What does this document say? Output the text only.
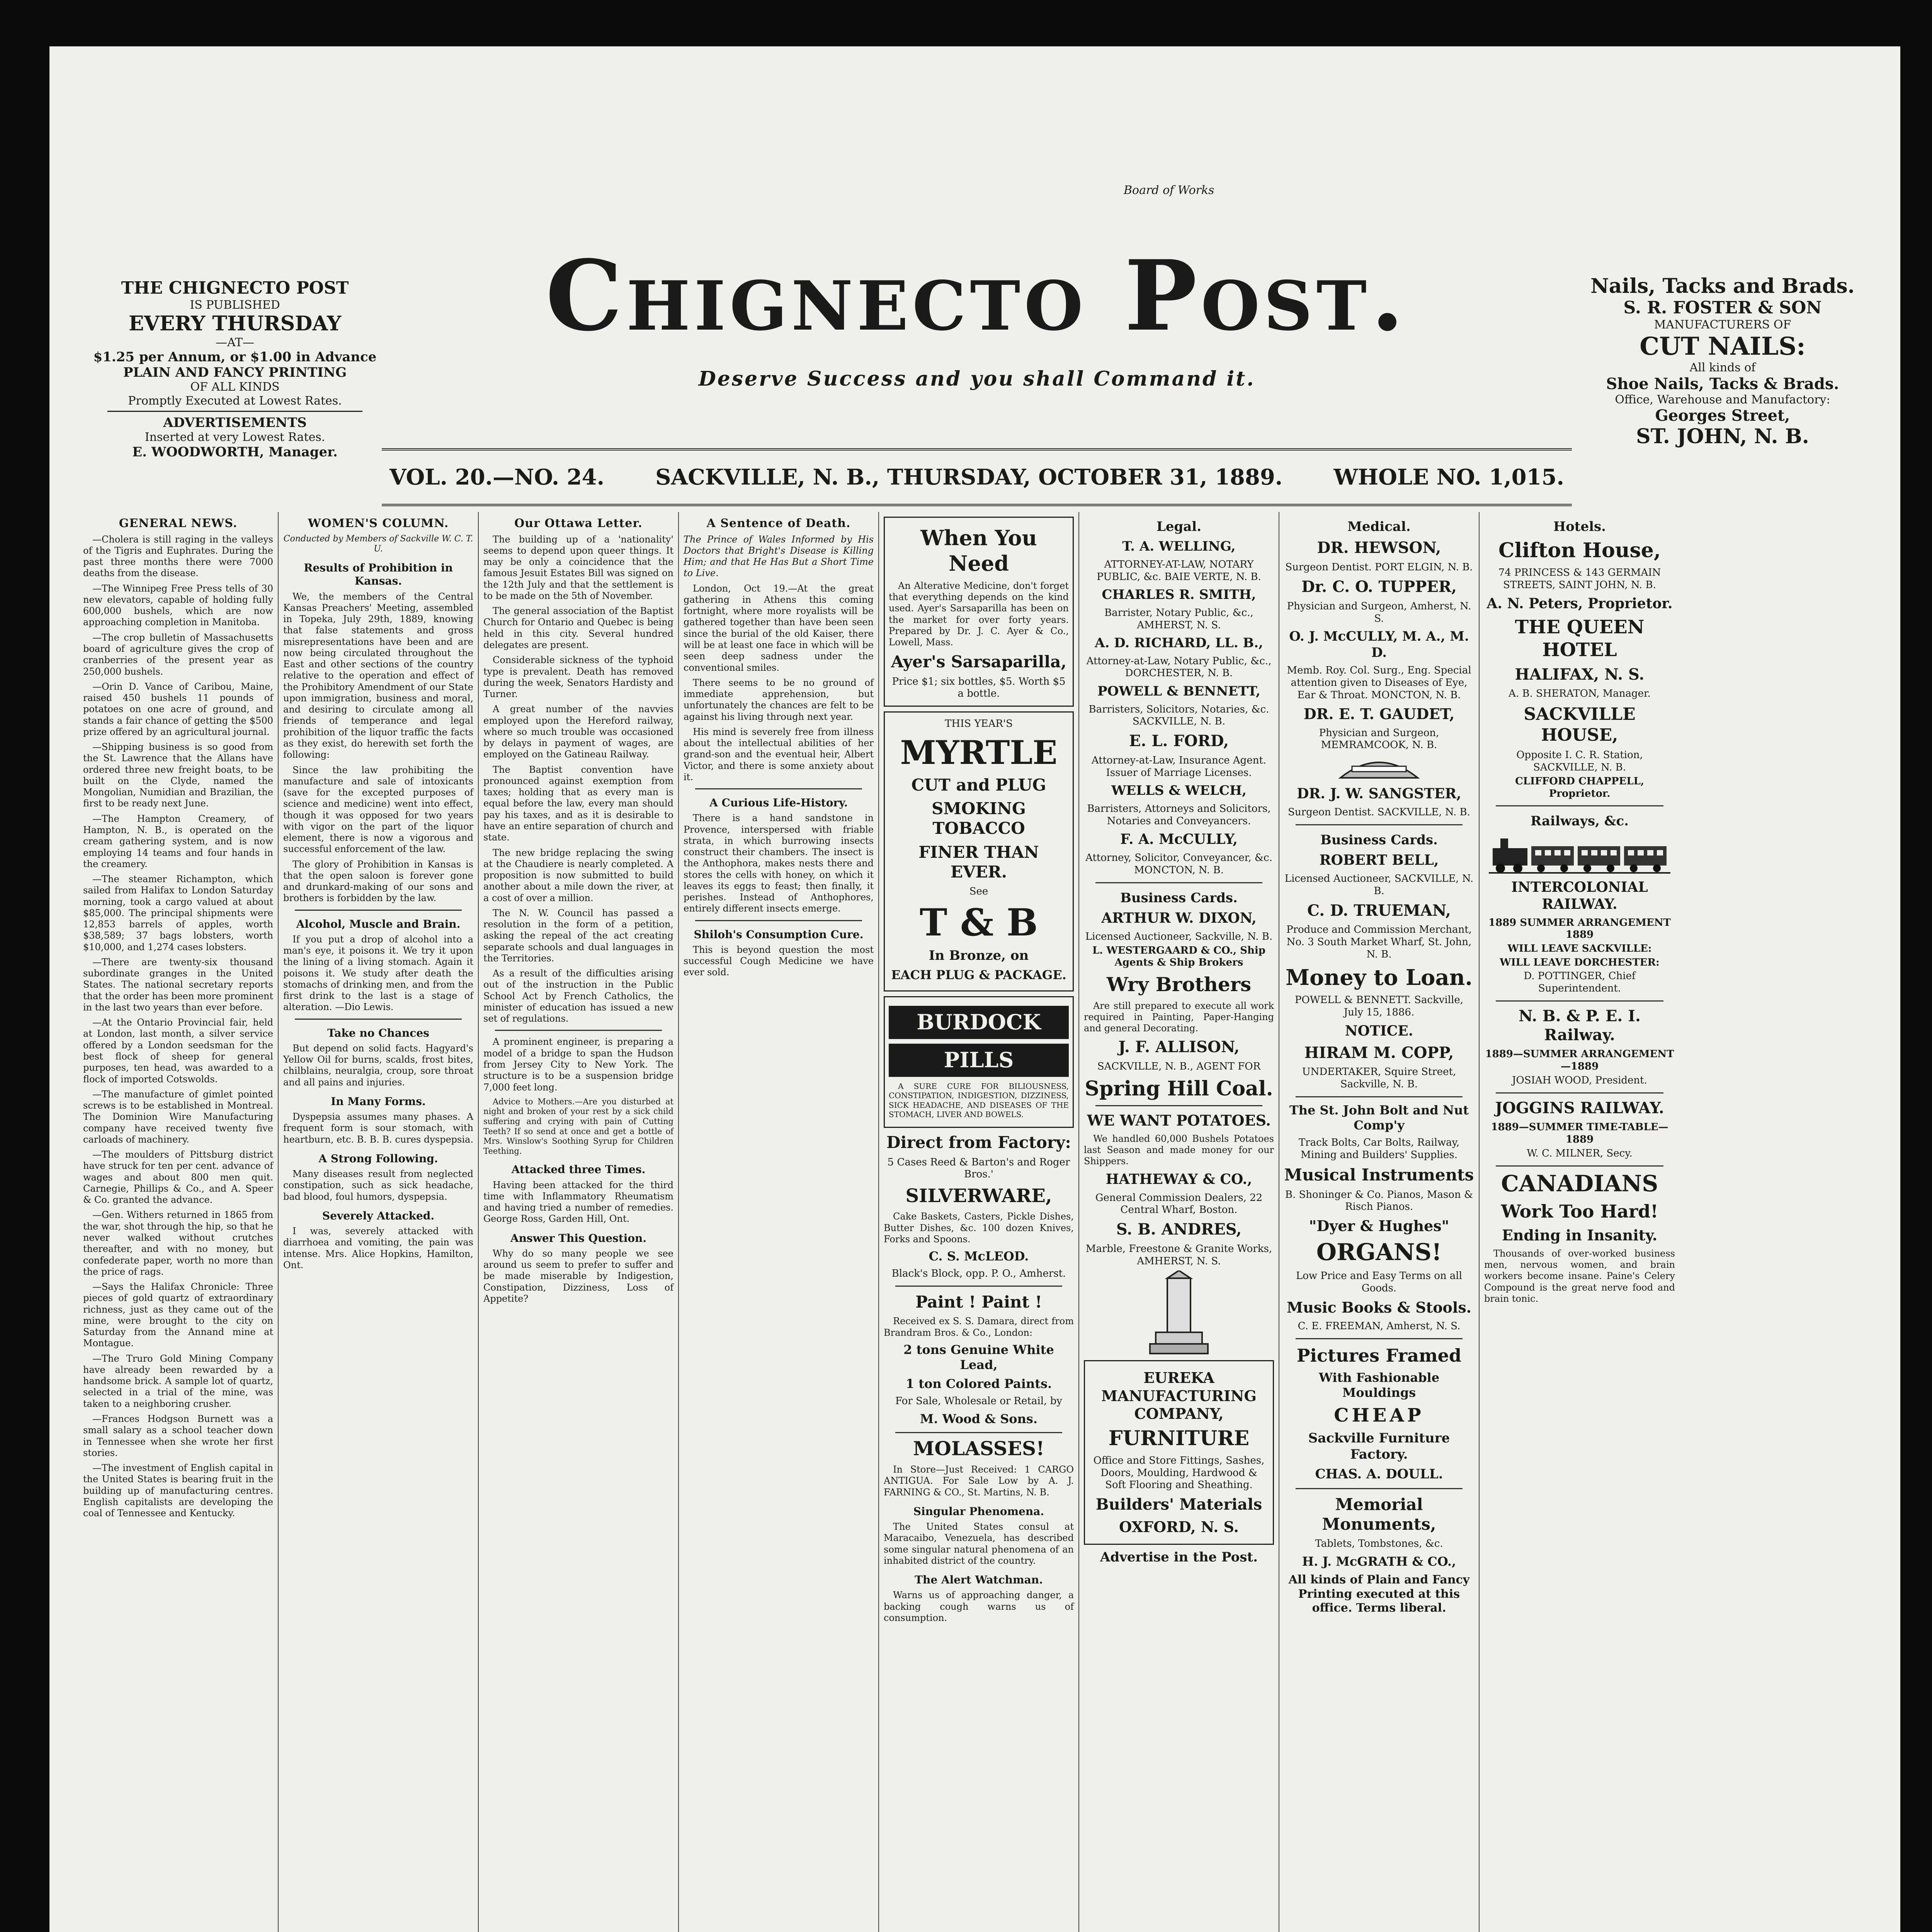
Board of Works
THE CHIGNECTO POST
IS PUBLISHED
EVERY THURSDAY
—AT—
$1.25 per Annum, or $1.00 in Advance
PLAIN AND FANCY PRINTING
OF ALL KINDS
Promptly Executed at Lowest Rates.
ADVERTISEMENTS
Inserted at very Lowest Rates.
E. WOODWORTH, Manager.
Chignecto Post.
Deserve Success and you shall Command it.
Nails, Tacks and Brads.
S. R. FOSTER & SON
MANUFACTURERS OF
CUT NAILS:
All kinds of
Shoe Nails, Tacks & Brads.
Office, Warehouse and Manufactory:
Georges Street,
ST. JOHN, N. B.
VOL. 20.—NO. 24. SACKVILLE, N. B., THURSDAY, OCTOBER 31, 1889. WHOLE NO. 1,015.
GENERAL NEWS.

—Cholera is still raging in the valleys of the Tigris and Euphrates. During the past three months there were 7000 deaths from the disease.

—The Winnipeg Free Press tells of 30 new elevators, capable of holding fully 600,000 bushels, which are now approaching completion in Manitoba.

—The crop bulletin of Massachusetts board of agriculture gives the crop of cranberries of the present year as 250,000 bushels.

—Orin D. Vance of Caribou, Maine, raised 450 bushels 11 pounds of potatoes on one acre of ground, and stands a fair chance of getting the $500 prize offered by an agricultural journal.

—Shipping business is so good from the St. Lawrence that the Allans have ordered three new freight boats, to be built on the Clyde, named the Mongolian, Numidian and Brazilian, the first to be ready next June.

—The Hampton Creamery, of Hampton, N. B., is operated on the cream gathering system, and is now employing 14 teams and four hands in the creamery.

—The steamer Richampton, which sailed from Halifax to London Saturday morning, took a cargo valued at about $85,000. The principal shipments were 12,853 barrels of apples, worth $38,589; 37 bags lobsters, worth $10,000, and 1,274 cases lobsters.

—There are twenty-six thousand subordinate granges in the United States. The national secretary reports that the order has been more prominent in the last two years than ever before.

—At the Ontario Provincial fair, held at London, last month, a silver service offered by a London seedsman for the best flock of sheep for general purposes, ten head, was awarded to a flock of imported Cotswolds.

—The manufacture of gimlet pointed screws is to be established in Montreal. The Dominion Wire Manufacturing company have received twenty five carloads of machinery.

—The moulders of Pittsburg district have struck for ten per cent. advance of wages and about 800 men quit. Carnegie, Phillips & Co., and A. Speer & Co. granted the advance.

—Gen. Withers returned in 1865 from the war, shot through the hip, so that he never walked without crutches thereafter, and with no money, but confederate paper, worth no more than the price of rags.

—Says the Halifax Chronicle: Three pieces of gold quartz of extraordinary richness, just as they came out of the mine, were brought to the city on Saturday from the Annand mine at Montague.

—The Truro Gold Mining Company have already been rewarded by a handsome brick. A sample lot of quartz, selected in a trial of the mine, was taken to a neighboring crusher.

—Frances Hodgson Burnett was a small salary as a school teacher down in Tennessee when she wrote her first stories.

—The investment of English capital in the United States is bearing fruit in the building up of manufacturing centres. English capitalists are developing the coal of Tennessee and Kentucky.

WOMEN'S COLUMN.
Conducted by Members of Sackville W. C. T. U.
Results of Prohibition in Kansas.

We, the members of the Central Kansas Preachers' Meeting, assembled in Topeka, July 29th, 1889, knowing that false statements and gross misrepresentations have been and are now being circulated throughout the East and other sections of the country relative to the operation and effect of the Prohibitory Amendment of our State upon immigration, business and moral, and desiring to circulate among all friends of temperance and legal prohibition of the liquor traffic the facts as they exist, do herewith set forth the following:

Since the law prohibiting the manufacture and sale of intoxicants (save for the excepted purposes of science and medicine) went into effect, though it was opposed for two years with vigor on the part of the liquor element, there is now a vigorous and successful enforcement of the law.

The glory of Prohibition in Kansas is that the open saloon is forever gone and drunkard-making of our sons and brothers is forbidden by the law.

Alcohol, Muscle and Brain.

If you put a drop of alcohol into a man's eye, it poisons it. We try it upon the lining of a living stomach. Again it poisons it. We study after death the stomachs of drinking men, and from the first drink to the last is a stage of alteration. —Dio Lewis.

Take no Chances

But depend on solid facts. Hagyard's Yellow Oil for burns, scalds, frost bites, chilblains, neuralgia, croup, sore throat and all pains and injuries.

In Many Forms.

Dyspepsia assumes many phases. A frequent form is sour stomach, with heartburn, etc. B. B. B. cures dyspepsia.

A Strong Following.

Many diseases result from neglected constipation, such as sick headache, bad blood, foul humors, dyspepsia.

Severely Attacked.

I was, severely attacked with diarrhoea and vomiting, the pain was intense. Mrs. Alice Hopkins, Hamilton, Ont.

Our Ottawa Letter.

The building up of a 'nationality' seems to depend upon queer things. It may be only a coincidence that the famous Jesuit Estates Bill was signed on the 12th July and that the settlement is to be made on the 5th of November.

The general association of the Baptist Church for Ontario and Quebec is being held in this city. Several hundred delegates are present.

Considerable sickness of the typhoid type is prevalent. Death has removed during the week, Senators Hardisty and Turner.

A great number of the navvies employed upon the Hereford railway, where so much trouble was occasioned by delays in payment of wages, are employed on the Gatineau Railway.

The Baptist convention have pronounced against exemption from taxes; holding that as every man is equal before the law, every man should pay his taxes, and as it is desirable to have an entire separation of church and state.

The new bridge replacing the swing at the Chaudiere is nearly completed. A proposition is now submitted to build another about a mile down the river, at a cost of over a million.

The N. W. Council has passed a resolution in the form of a petition, asking the repeal of the act creating separate schools and dual languages in the Territories.

As a result of the difficulties arising out of the instruction in the Public School Act by French Catholics, the minister of education has issued a new set of regulations.

A prominent engineer, is preparing a model of a bridge to span the Hudson from Jersey City to New York. The structure is to be a suspension bridge 7,000 feet long.

Advice to Mothers.—Are you disturbed at night and broken of your rest by a sick child suffering and crying with pain of Cutting Teeth? If so send at once and get a bottle of Mrs. Winslow's Soothing Syrup for Children Teething.

Attacked three Times.

Having been attacked for the third time with Inflammatory Rheumatism and having tried a number of remedies. George Ross, Garden Hill, Ont.

Answer This Question.

Why do so many people we see around us seem to prefer to suffer and be made miserable by Indigestion, Constipation, Dizziness, Loss of Appetite?

A Sentence of Death.

The Prince of Wales Informed by His Doctors that Bright's Disease is Killing Him; and that He Has But a Short Time to Live.

London, Oct 19.—At the great gathering in Athens this coming fortnight, where more royalists will be gathered together than have been seen since the burial of the old Kaiser, there will be at least one face in which will be seen deep sadness under the conventional smiles.

There seems to be no ground of immediate apprehension, but unfortunately the chances are felt to be against his living through next year.

His mind is severely free from illness about the intellectual abilities of her grand-son and the eventual heir, Albert Victor, and there is some anxiety about it.

A Curious Life-History.

There is a hand sandstone in Provence, interspersed with friable strata, in which burrowing insects construct their chambers. The insect is the Anthophora, makes nests there and stores the cells with honey, on which it leaves its eggs to feast; then finally, it perishes. Instead of Anthophores, entirely different insects emerge.

Shiloh's Consumption Cure.

This is beyond question the most successful Cough Medicine we have ever sold.

When You Need

An Alterative Medicine, don't forget that everything depends on the kind used. Ayer's Sarsaparilla has been on the market for over forty years. Prepared by Dr. J. C. Ayer & Co., Lowell, Mass.

Ayer's Sarsaparilla,
Price $1; six bottles, $5. Worth $5 a bottle.
THIS YEAR'S
MYRTLE
CUT and PLUG
SMOKING TOBACCO
FINER THAN EVER.
See
T & B
In Bronze, on
EACH PLUG & PACKAGE.
BURDOCK
PILLS

A SURE CURE FOR BILIOUSNESS, CONSTIPATION, INDIGESTION, DIZZINESS, SICK HEADACHE, AND DISEASES OF THE STOMACH, LIVER AND BOWELS.

Direct from Factory:
5 Cases Reed & Barton's and Roger Bros.'
SILVERWARE,

Cake Baskets, Casters, Pickle Dishes, Butter Dishes, &c. 100 dozen Knives, Forks and Spoons.

C. S. McLEOD.
Black's Block, opp. P. O., Amherst.
Paint ! Paint !

Received ex S. S. Damara, direct from Brandram Bros. & Co., London:

2 tons Genuine White Lead,
1 ton Colored Paints.
For Sale, Wholesale or Retail, by
M. Wood & Sons.
MOLASSES!

In Store—Just Received: 1 CARGO ANTIGUA. For Sale Low by A. J. FARNING & CO., St. Martins, N. B.

Singular Phenomena.

The United States consul at Maracaibo, Venezuela, has described some singular natural phenomena of an inhabited district of the country.

The Alert Watchman.

Warns us of approaching danger, a backing cough warns us of consumption.

Legal.
T. A. WELLING,
ATTORNEY-AT-LAW, NOTARY PUBLIC, &c. BAIE VERTE, N. B.
CHARLES R. SMITH,
Barrister, Notary Public, &c., AMHERST, N. S.
A. D. RICHARD, LL. B.,
Attorney-at-Law, Notary Public, &c., DORCHESTER, N. B.
POWELL & BENNETT,
Barristers, Solicitors, Notaries, &c. SACKVILLE, N. B.
E. L. FORD,
Attorney-at-Law, Insurance Agent. Issuer of Marriage Licenses.
WELLS & WELCH,
Barristers, Attorneys and Solicitors, Notaries and Conveyancers.
F. A. McCULLY,
Attorney, Solicitor, Conveyancer, &c. MONCTON, N. B.
Business Cards.
ARTHUR W. DIXON,
Licensed Auctioneer, Sackville, N. B.
L. WESTERGAARD & CO., Ship Agents & Ship Brokers
Wry Brothers

Are still prepared to execute all work required in Painting, Paper-Hanging and general Decorating.

J. F. ALLISON,
SACKVILLE, N. B., AGENT FOR
Spring Hill Coal.
WE WANT POTATOES.

We handled 60,000 Bushels Potatoes last Season and made money for our Shippers.

HATHEWAY & CO.,
General Commission Dealers, 22 Central Wharf, Boston.
S. B. ANDRES,
Marble, Freestone & Granite Works, AMHERST, N. S.
EUREKA MANUFACTURING COMPANY,
FURNITURE
Office and Store Fittings, Sashes, Doors, Moulding, Hardwood & Soft Flooring and Sheathing.
Builders' Materials
OXFORD, N. S.
Advertise in the Post.
Medical.
DR. HEWSON,
Surgeon Dentist. PORT ELGIN, N. B.
Dr. C. O. TUPPER,
Physician and Surgeon, Amherst, N. S.
O. J. McCULLY, M. A., M. D.
Memb. Roy. Col. Surg., Eng. Special attention given to Diseases of Eye, Ear & Throat. MONCTON, N. B.
DR. E. T. GAUDET,
Physician and Surgeon, MEMRAMCOOK, N. B.
DR. J. W. SANGSTER,
Surgeon Dentist. SACKVILLE, N. B.
Business Cards.
ROBERT BELL,
Licensed Auctioneer, SACKVILLE, N. B.
C. D. TRUEMAN,
Produce and Commission Merchant, No. 3 South Market Wharf, St. John, N. B.
Money to Loan.
POWELL & BENNETT. Sackville, July 15, 1886.
NOTICE.
HIRAM M. COPP,
UNDERTAKER, Squire Street, Sackville, N. B.
The St. John Bolt and Nut Comp'y
Track Bolts, Car Bolts, Railway, Mining and Builders' Supplies.
Musical Instruments
B. Shoninger & Co. Pianos, Mason & Risch Pianos.
"Dyer & Hughes"
ORGANS!
Low Price and Easy Terms on all Goods.
Music Books & Stools.
C. E. FREEMAN, Amherst, N. S.
Pictures Framed
With Fashionable Mouldings
CHEAP
Sackville Furniture Factory.
CHAS. A. DOULL.
Memorial Monuments,
Tablets, Tombstones, &c.
H. J. McGRATH & CO.,
All kinds of Plain and Fancy Printing executed at this office. Terms liberal.
Hotels.
Clifton House,
74 PRINCESS & 143 GERMAIN STREETS, SAINT JOHN, N. B.
A. N. Peters, Proprietor.
THE QUEEN HOTEL
HALIFAX, N. S.
A. B. SHERATON, Manager.
SACKVILLE HOUSE,
Opposite I. C. R. Station, SACKVILLE, N. B.
CLIFFORD CHAPPELL, Proprietor.
Railways, &c.
INTERCOLONIAL RAILWAY.
1889 SUMMER ARRANGEMENT 1889
WILL LEAVE SACKVILLE:
WILL LEAVE DORCHESTER:
D. POTTINGER, Chief Superintendent.
N. B. & P. E. I. Railway.
1889—SUMMER ARRANGEMENT—1889
JOSIAH WOOD, President.
JOGGINS RAILWAY.
1889—SUMMER TIME-TABLE—1889
W. C. MILNER, Secy.
CANADIANS
Work Too Hard!
Ending in Insanity.

Thousands of over-worked business men, nervous women, and brain workers become insane. Paine's Celery Compound is the great nerve food and brain tonic.
